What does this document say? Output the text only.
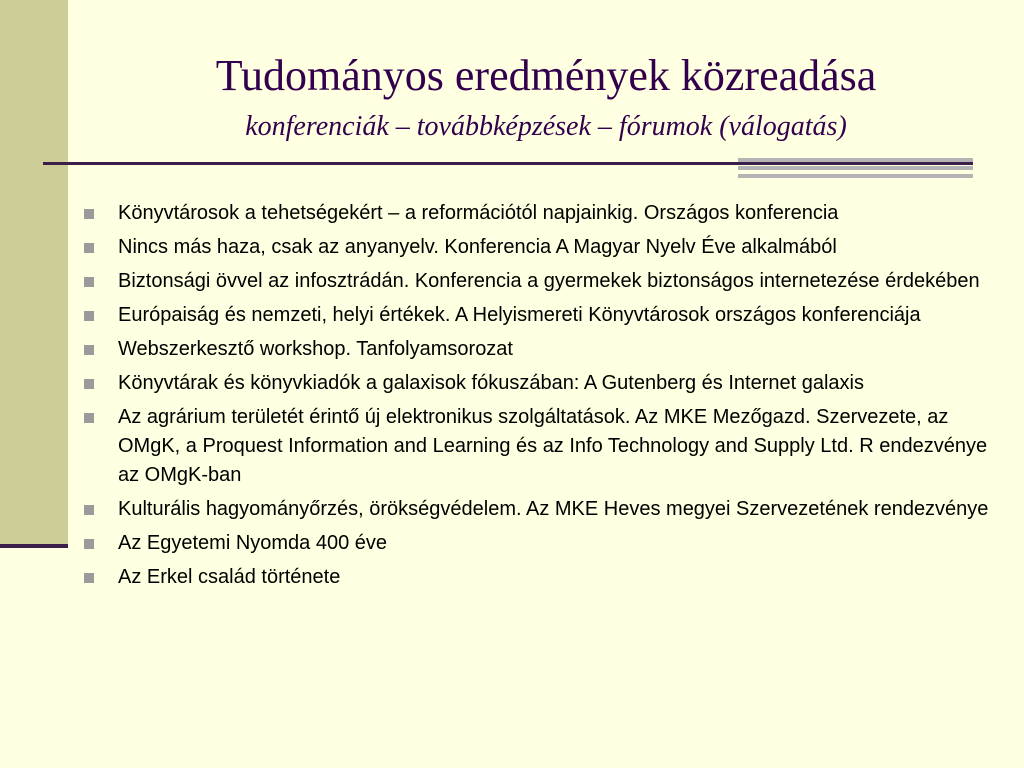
Tudományos eredmények közreadása
konferenciák – továbbképzések – fórumok (válogatás)
Könyvtárosok a tehetségekért – a reformációtól napjainkig. Országos konferencia
Nincs más haza, csak az anyanyelv. Konferencia A Magyar Nyelv Éve alkalmából
Biztonsági övvel az infosztrádán. Konferencia a gyermekek biztonságos internetezése érdekében
Európaiság és nemzeti, helyi értékek. A Helyismereti Könyvtárosok országos konferenciája
Webszerkesztő workshop. Tanfolyamsorozat
Könyvtárak és könyvkiadók a galaxisok fókuszában: A Gutenberg és Internet galaxis
Az agrárium területét érintő új elektronikus szolgáltatások. Az MKE Mezőgazd. Szervezete, az OMgK, a Proquest Information and Learning és az Info Technology and Supply Ltd. R endezvénye az OMgK-ban
Kulturális hagyományőrzés, örökségvédelem. Az MKE Heves megyei Szervezetének rendezvénye
Az Egyetemi Nyomda 400 éve
Az Erkel család története
